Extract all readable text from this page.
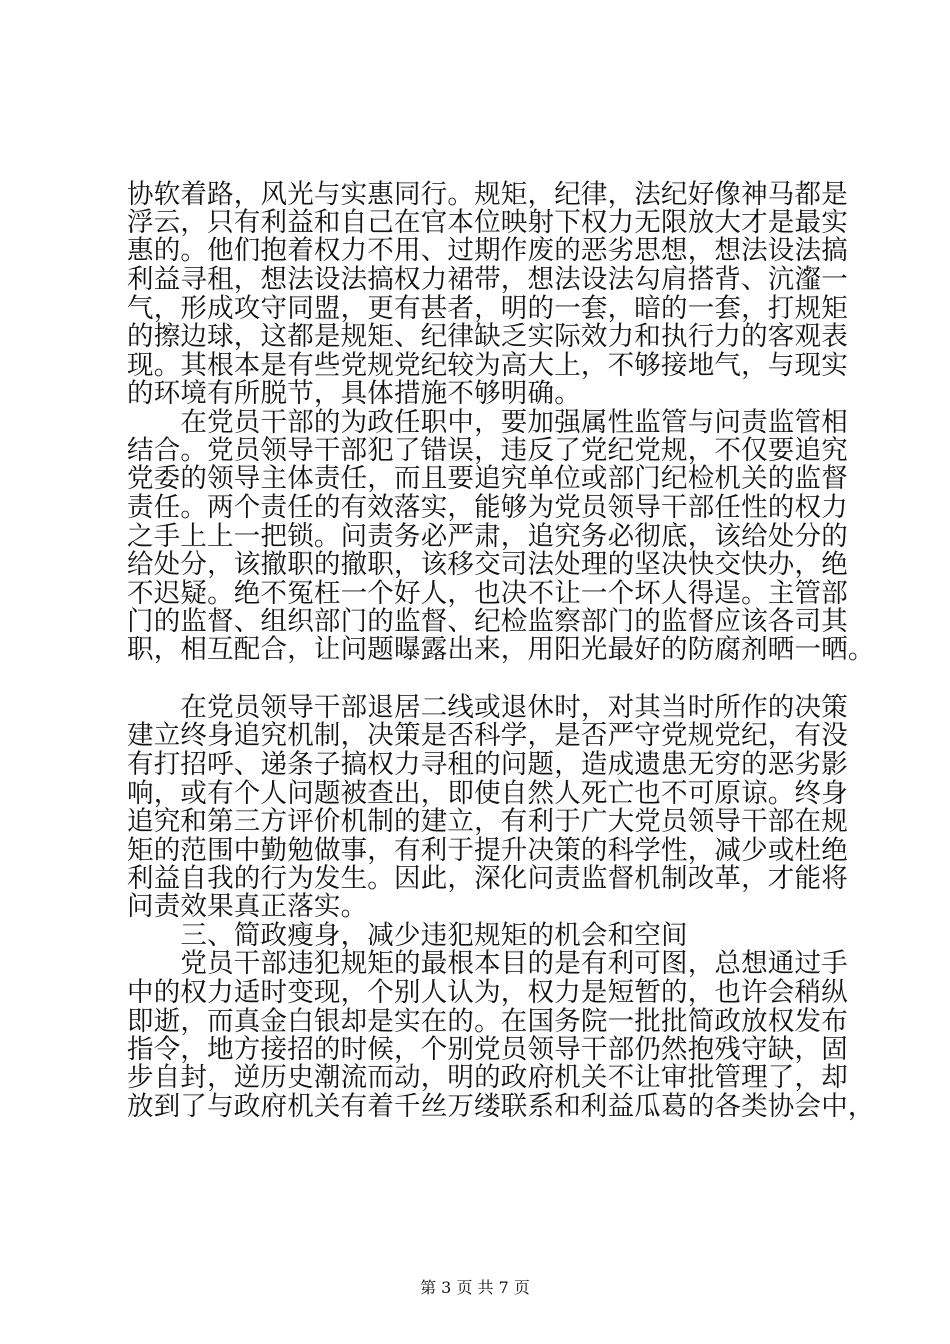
协软着路，风光与实惠同行。规矩，纪律，法纪好像神马都是
浮云，只有利益和自己在官本位映射下权力无限放大才是最实
惠的。他们抱着权力不用、过期作废的恶劣思想，想法设法搞
利益寻租，想法设法搞权力裙带，想法设法勾肩搭背、沆瀣一
气，形成攻守同盟，更有甚者，明的一套，暗的一套，打规矩
的擦边球，这都是规矩、纪律缺乏实际效力和执行力的客观表
现。其根本是有些党规党纪较为高大上，不够接地气，与现实
的环境有所脱节，具体措施不够明确。
　　在党员干部的为政任职中，要加强属性监管与问责监管相
结合。党员领导干部犯了错误，违反了党纪党规，不仅要追究
党委的领导主体责任，而且要追究单位或部门纪检机关的监督
责任。两个责任的有效落实，能够为党员领导干部任性的权力
之手上上一把锁。问责务必严肃，追究务必彻底，该给处分的
给处分，该撤职的撤职，该移交司法处理的坚决快交快办，绝
不迟疑。绝不冤枉一个好人，也决不让一个坏人得逞。主管部
门的监督、组织部门的监督、纪检监察部门的监督应该各司其
职，相互配合，让问题曝露出来，用阳光最好的防腐剂晒一晒。
　　在党员领导干部退居二线或退休时，对其当时所作的决策
建立终身追究机制，决策是否科学，是否严守党规党纪，有没
有打招呼、递条子搞权力寻租的问题，造成遗患无穷的恶劣影
响，或有个人问题被查出，即使自然人死亡也不可原谅。终身
追究和第三方评价机制的建立，有利于广大党员领导干部在规
矩的范围中勤勉做事，有利于提升决策的科学性，减少或杜绝
利益自我的行为发生。因此，深化问责监督机制改革，才能将
问责效果真正落实。
　　三、简政瘦身，减少违犯规矩的机会和空间
　　党员干部违犯规矩的最根本目的是有利可图，总想通过手
中的权力适时变现，个别人认为，权力是短暂的，也许会稍纵
即逝，而真金白银却是实在的。在国务院一批批简政放权发布
指令，地方接招的时候，个别党员领导干部仍然抱残守缺，固
步自封，逆历史潮流而动，明的政府机关不让审批管理了，却
放到了与政府机关有着千丝万缕联系和利益瓜葛的各类协会中，
第 3 页 共 7 页
